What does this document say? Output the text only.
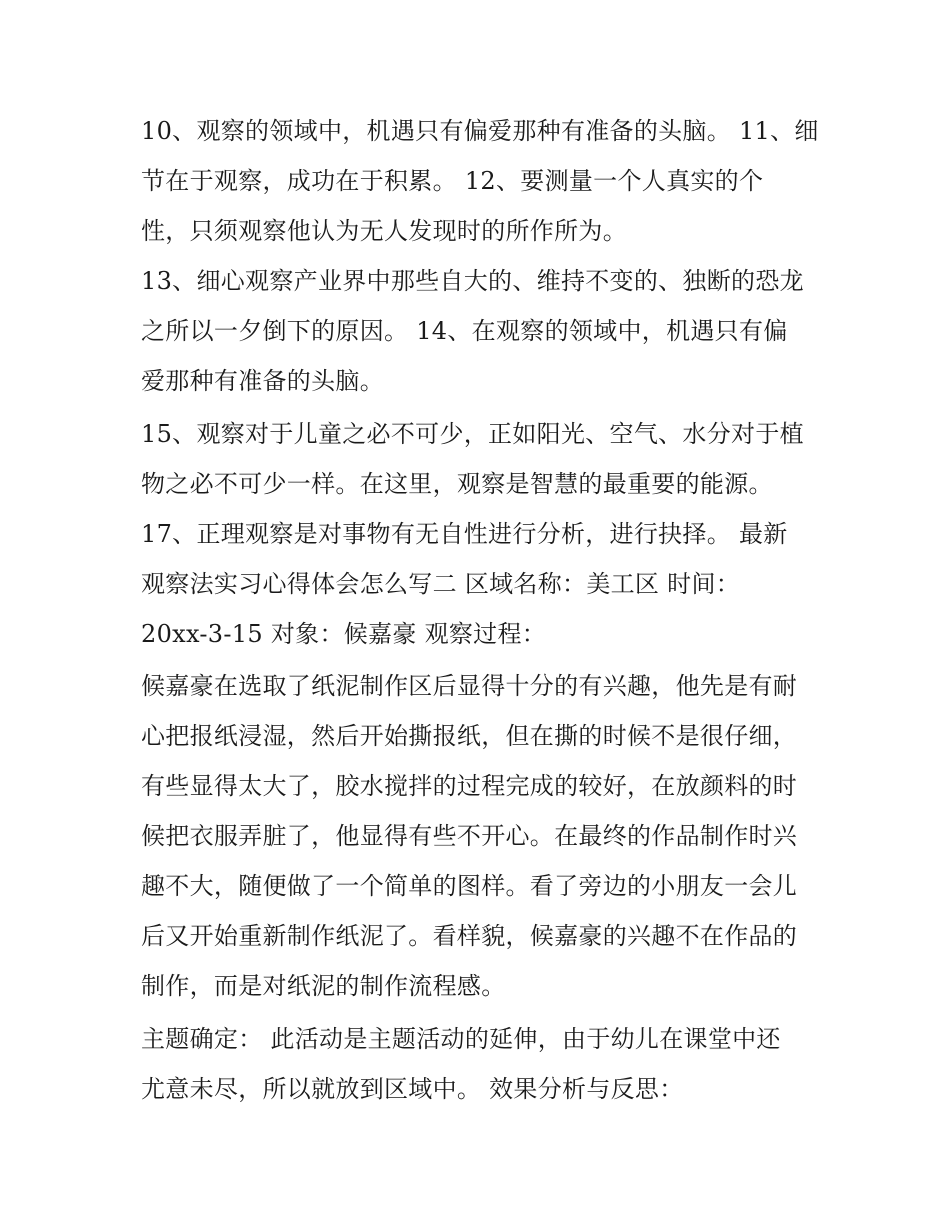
10、观察的领域中，机遇只有偏爱那种有准备的头脑。 11、细
节在于观察，成功在于积累。 12、要测量一个人真实的个
性，只须观察他认为无人发现时的所作所为。
13、细心观察产业界中那些自大的、维持不变的、独断的恐龙
之所以一夕倒下的原因。 14、在观察的领域中，机遇只有偏
爱那种有准备的头脑。
15、观察对于儿童之必不可少，正如阳光、空气、水分对于植
物之必不可少一样。在这里，观察是智慧的最重要的能源。
17、正理观察是对事物有无自性进行分析，进行抉择。 最新
观察法实习心得体会怎么写二 区域名称：美工区 时间：
20xx-3-15 对象：候嘉豪 观察过程：
候嘉豪在选取了纸泥制作区后显得十分的有兴趣，他先是有耐
心把报纸浸湿，然后开始撕报纸，但在撕的时候不是很仔细，
有些显得太大了，胶水搅拌的过程完成的较好，在放颜料的时
候把衣服弄脏了，他显得有些不开心。在最终的作品制作时兴
趣不大，随便做了一个简单的图样。看了旁边的小朋友一会儿
后又开始重新制作纸泥了。看样貌，候嘉豪的兴趣不在作品的
制作，而是对纸泥的制作流程感。
主题确定： 此活动是主题活动的延伸，由于幼儿在课堂中还
尤意未尽，所以就放到区域中。 效果分析与反思：
